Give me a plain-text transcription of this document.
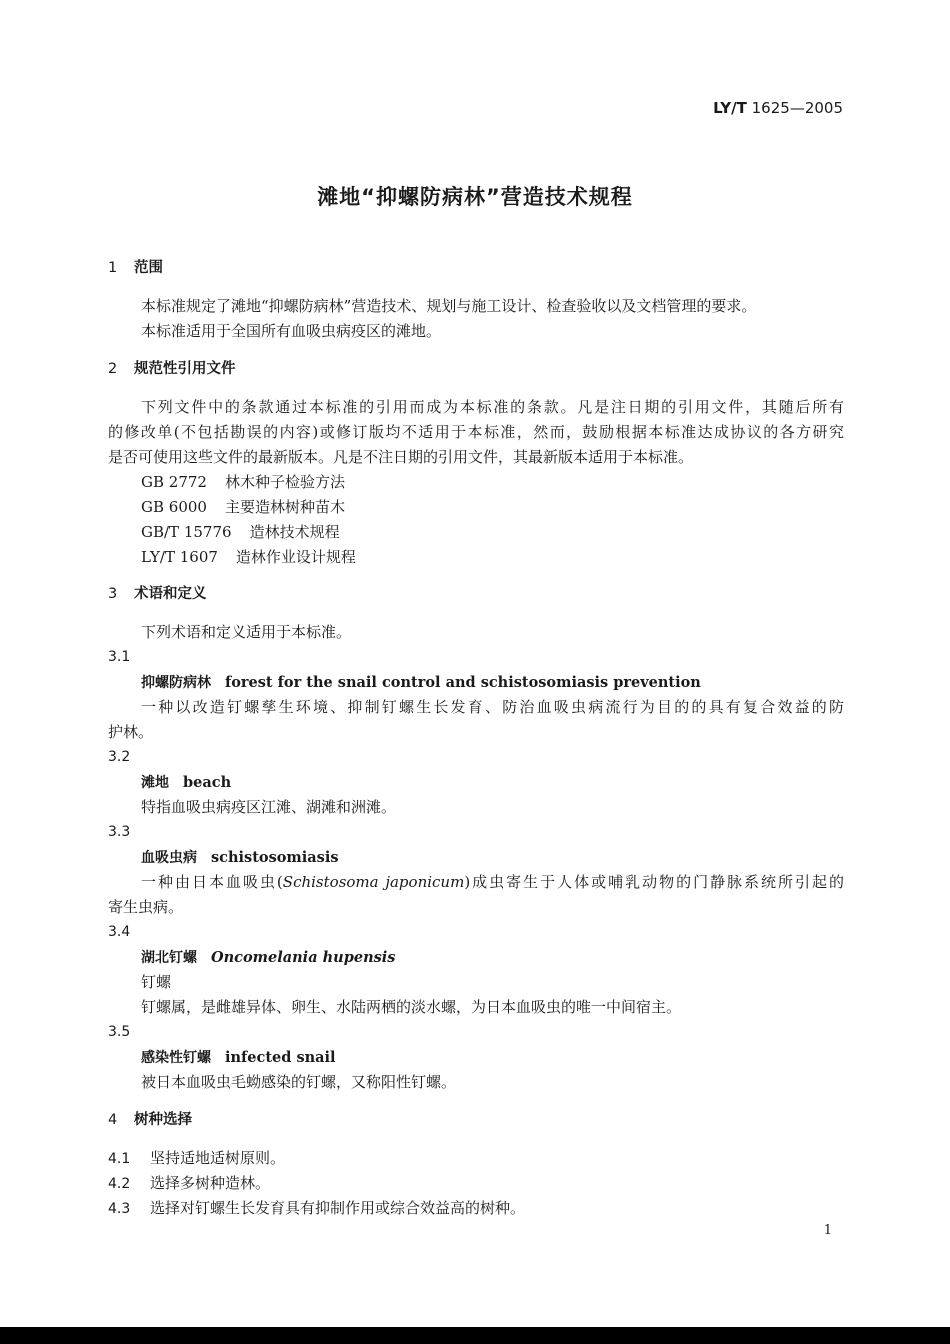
LY/T 1625—2005
滩地“抑螺防病林”营造技术规程
1 范围
本标准规定了滩地“抑螺防病林”营造技术、规划与施工设计、检查验收以及文档管理的要求。
本标准适用于全国所有血吸虫病疫区的滩地。
2 规范性引用文件
下列文件中的条款通过本标准的引用而成为本标准的条款。凡是注日期的引用文件，其随后所有
的修改单(不包括勘误的内容)或修订版均不适用于本标准，然而，鼓励根据本标准达成协议的各方研究
是否可使用这些文件的最新版本。凡是不注日期的引用文件，其最新版本适用于本标准。
GB 2772 林木种子检验方法
GB 6000 主要造林树种苗木
GB/T 15776 造林技术规程
LY/T 1607 造林作业设计规程
3 术语和定义
下列术语和定义适用于本标准。
3.1
抑螺防病林 forest for the snail control and schistosomiasis prevention
一种以改造钉螺孳生环境、抑制钉螺生长发育、防治血吸虫病流行为目的的具有复合效益的防
护林。
3.2
滩地 beach
特指血吸虫病疫区江滩、湖滩和洲滩。
3.3
血吸虫病 schistosomiasis
一种由日本血吸虫(Schistosoma japonicum)成虫寄生于人体或哺乳动物的门静脉系统所引起的
寄生虫病。
3.4
湖北钉螺 Oncomelania hupensis
钉螺
钉螺属，是雌雄异体、卵生、水陆两栖的淡水螺，为日本血吸虫的唯一中间宿主。
3.5
感染性钉螺 infected snail
被日本血吸虫毛蚴感染的钉螺，又称阳性钉螺。
4 树种选择
4.1 坚持适地适树原则。
4.2 选择多树种造林。
4.3 选择对钉螺生长发育具有抑制作用或综合效益高的树种。
1
